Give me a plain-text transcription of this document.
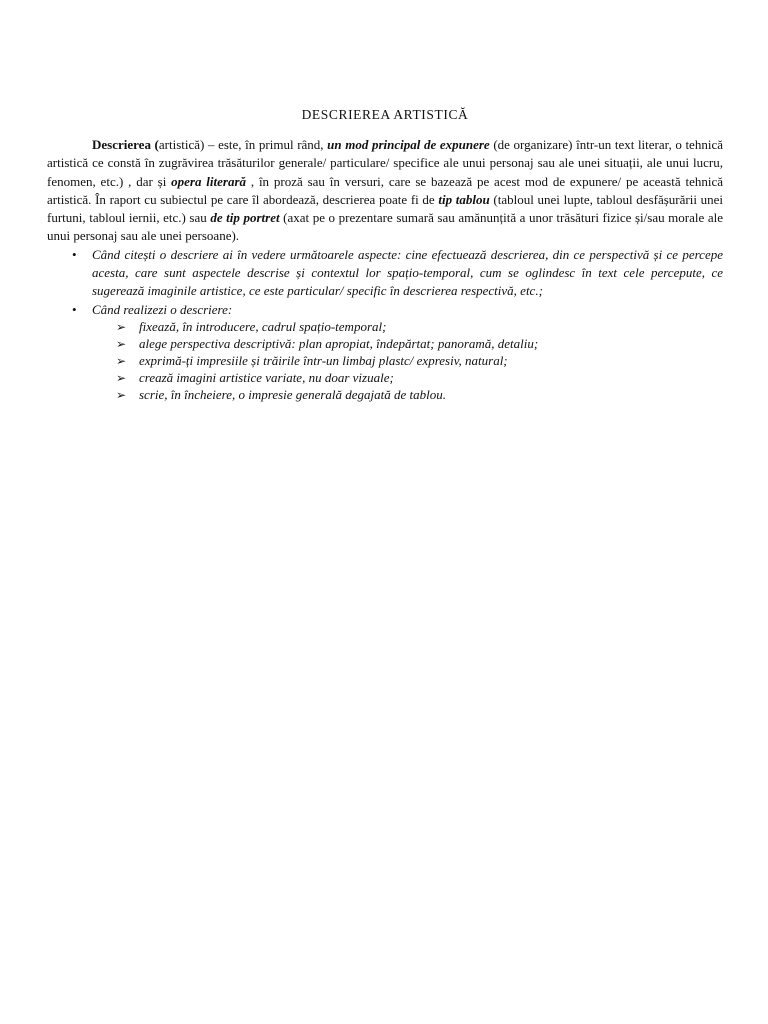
DESCRIEREA ARTISTICĂ

Descrierea (artistică) – este, în primul rând, un mod principal de expunere (de organizare) într-un text literar, o tehnică artistică ce constă în zugrăvirea trăsăturilor generale/ particulare/ specifice ale unui personaj sau ale unei situații, ale unui lucru, fenomen, etc.) , dar și opera literară , în proză sau în versuri, care se bazează pe acest mod de expunere/ pe această tehnică artistică. În raport cu subiectul pe care îl abordează, descrierea poate fi de tip tablou (tabloul unei lupte, tabloul desfășurării unei furtuni, tabloul iernii, etc.) sau de tip portret (axat pe o prezentare sumară sau amănunțită a unor trăsături fizice și/sau morale ale unui personaj sau ale unei persoane).

• Când citești o descriere ai în vedere următoarele aspecte: cine efectuează descrierea, din ce perspectivă și ce percepe acesta, care sunt aspectele descrise și contextul lor spațio-temporal, cum se oglindesc în text cele percepute, ce sugerează imaginile artistice, ce este particular/ specific în descrierea respectivă, etc.;
• Când realizezi o descriere:
➢ fixează, în introducere, cadrul spațio-temporal;
➢ alege perspectiva descriptivă: plan apropiat, îndepărtat; panoramă, detaliu;
➢ exprimă-ți impresiile și trăirile într-un limbaj plastc/ expresiv, natural;
➢ crează imagini artistice variate, nu doar vizuale;
➢ scrie, în încheiere, o impresie generală degajată de tablou.
